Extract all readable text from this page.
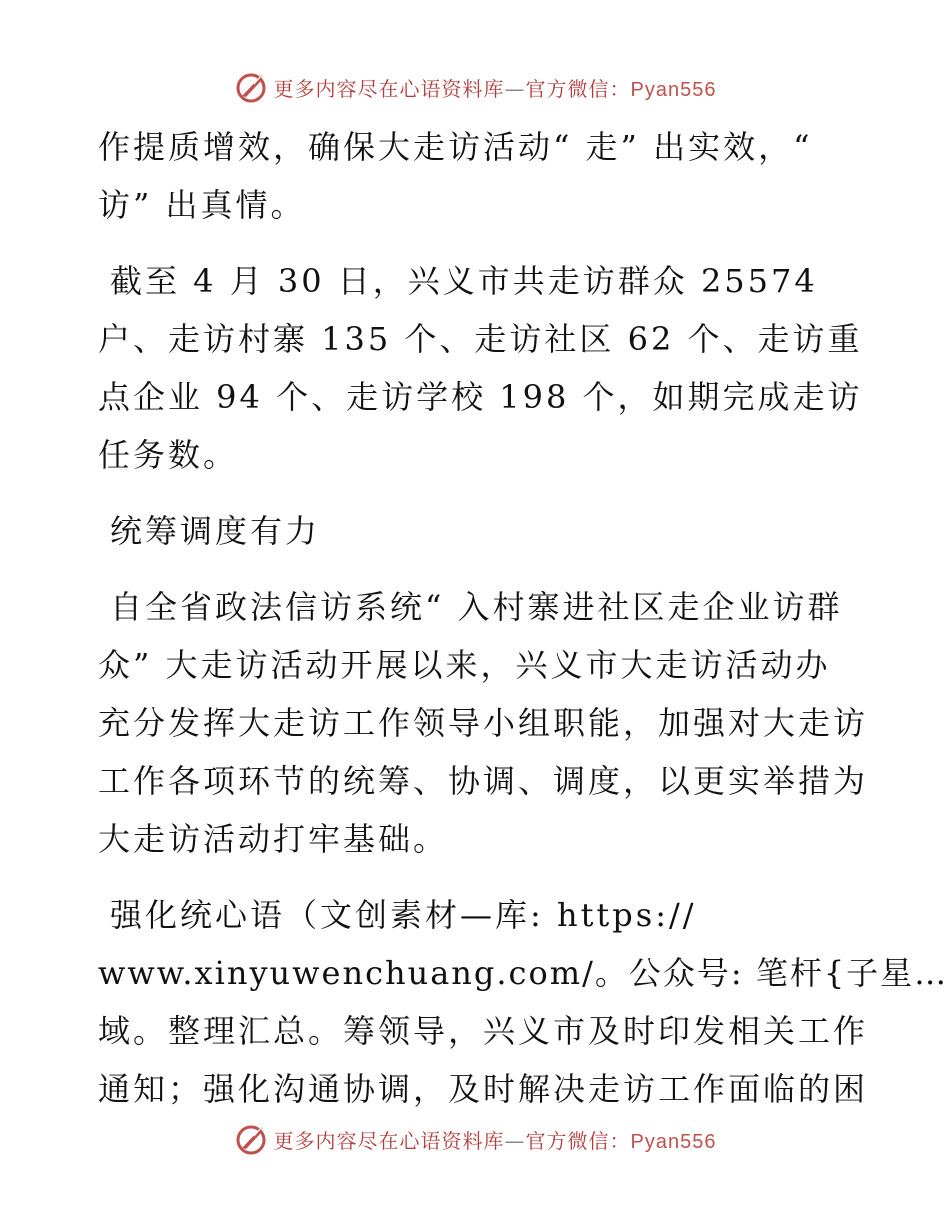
更多内容尽在心语资料库—官方微信：Pyan556

作提质增效，确保大走访活动“ 走” 出实效，“
访” 出真情。

截至 4 月 30 日，兴义市共走访群众 25574
户、走访村寨 135 个、走访社区 62 个、走访重
点企业 94 个、走访学校 198 个，如期完成走访
任务数。

统筹调度有力

自全省政法信访系统“ 入村寨进社区走企业访群
众” 大走访活动开展以来，兴义市大走访活动办
充分发挥大走访工作领导小组职能，加强对大走访
工作各项环节的统筹、协调、调度，以更实举措为
大走访活动打牢基础。

强化统心语（文创素材—库: https://
www.xinyuwenchuang.com/。公众号: 笔杆{子星…
域。整理汇总。筹领导，兴义市及时印发相关工作
通知；强化沟通协调，及时解决走访工作面临的困

更多内容尽在心语资料库—官方微信：Pyan556
